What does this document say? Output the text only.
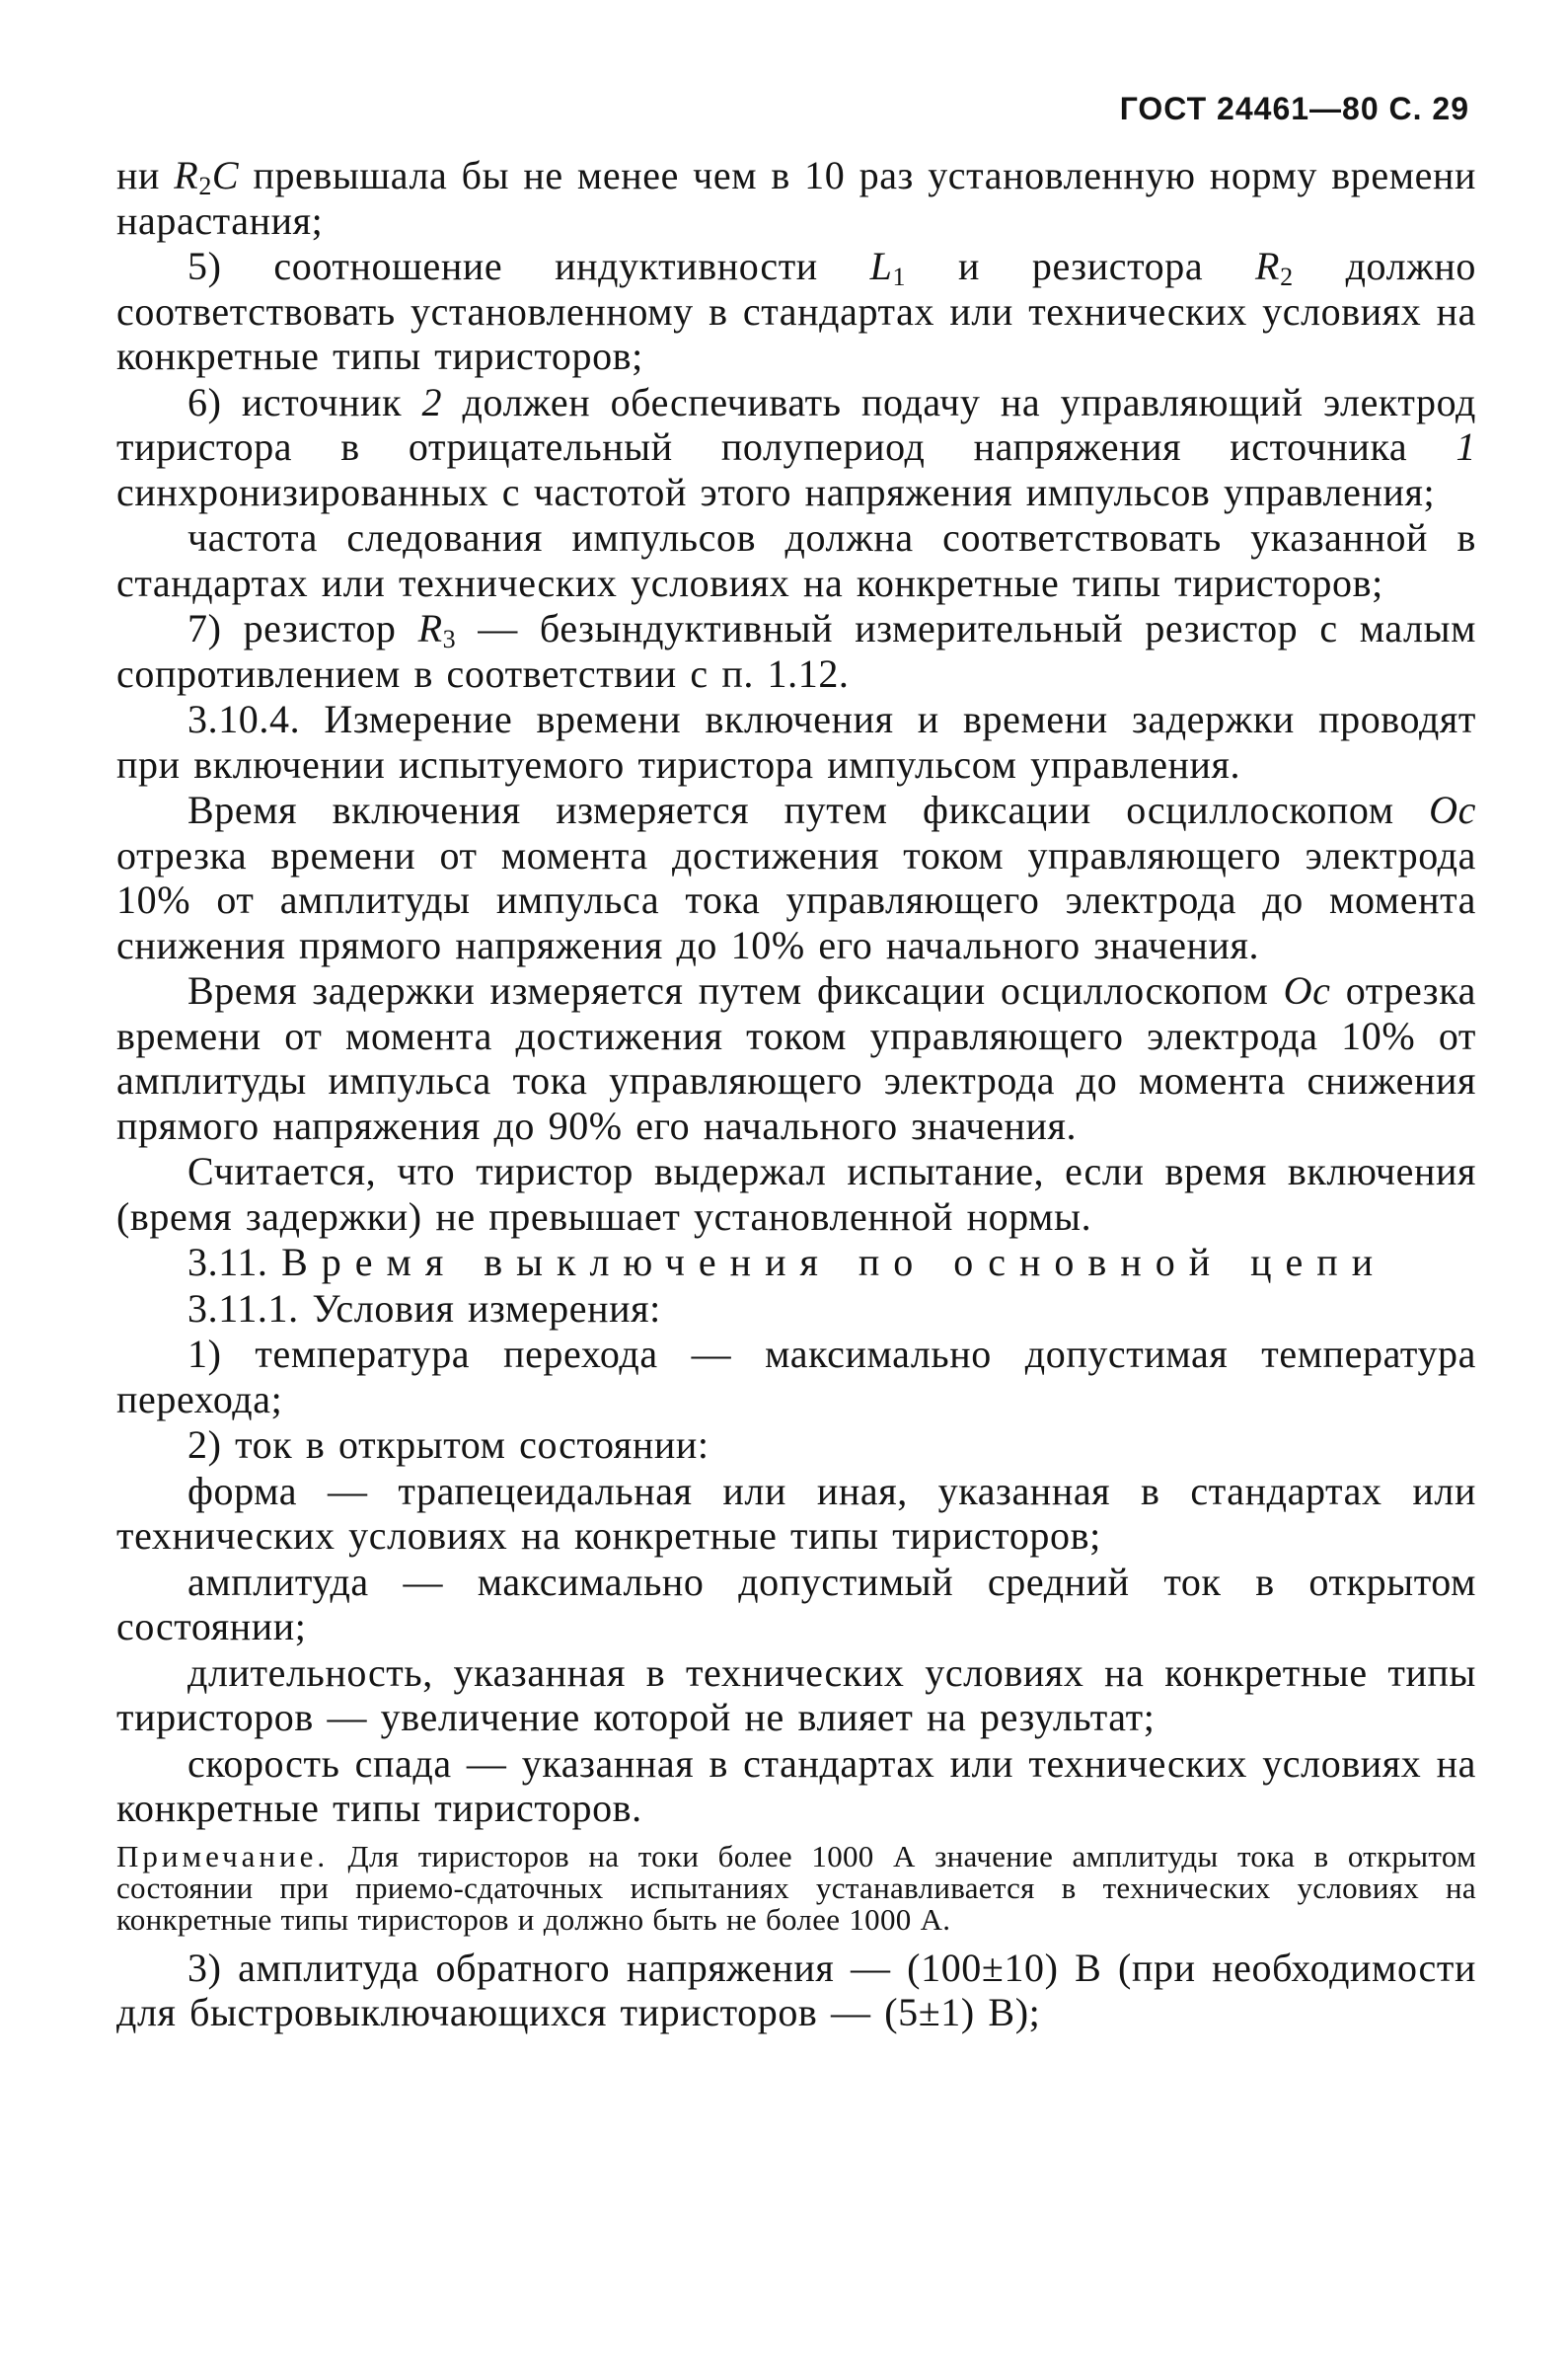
ГОСТ 24461—80 С. 29

ни $R_2C$ превышала бы не менее чем в 10 раз установленную норму времени нарастания;

5) соотношение индуктивности $L_1$ и резистора $R_2$ должно соответствовать установленному в стандартах или технических условиях на конкретные типы тиристоров;

6) источник 2 должен обеспечивать подачу на управляющий электрод тиристора в отрицательный полупериод напряжения источника 1 синхронизированных с частотой этого напряжения импульсов управления;

частота следования импульсов должна соответствовать указанной в стандартах или технических условиях на конкретные типы тиристоров;

7) резистор $R_3$ — безындуктивный измерительный резистор с малым сопротивлением в соответствии с п. 1.12.

3.10.4. Измерение времени включения и времени задержки проводят при включении испытуемого тиристора импульсом управления.

Время включения измеряется путем фиксации осциллоскопом Ос отрезка времени от момента достижения током управляющего электрода 10% от амплитуды импульса тока управляющего электрода до момента снижения прямого напряжения до 10% его начального значения.

Время задержки измеряется путем фиксации осциллоскопом Ос отрезка времени от момента достижения током управляющего электрода 10% от амплитуды импульса тока управляющего электрода до момента снижения прямого напряжения до 90% его начального значения.

Считается, что тиристор выдержал испытание, если время включения (время задержки) не превышает установленной нормы.

3.11. Время выключения по основной цепи

3.11.1. Условия измерения:

1) температура перехода — максимально допустимая температура перехода;

2) ток в открытом состоянии:

форма — трапецеидальная или иная, указанная в стандартах или технических условиях на конкретные типы тиристоров;

амплитуда — максимально допустимый средний ток в открытом состоянии;

длительность, указанная в технических условиях на конкретные типы тиристоров — увеличение которой не влияет на результат;

скорость спада — указанная в стандартах или технических условиях на конкретные типы тиристоров.

Примечание. Для тиристоров на токи более 1000 А значение амплитуды тока в открытом состоянии при приемо-сдаточных испытаниях устанавливается в технических условиях на конкретные типы тиристоров и должно быть не более 1000 А.

3) амплитуда обратного напряжения — (100±10) В (при необходимости для быстровыключающихся тиристоров — (5±1) В);
